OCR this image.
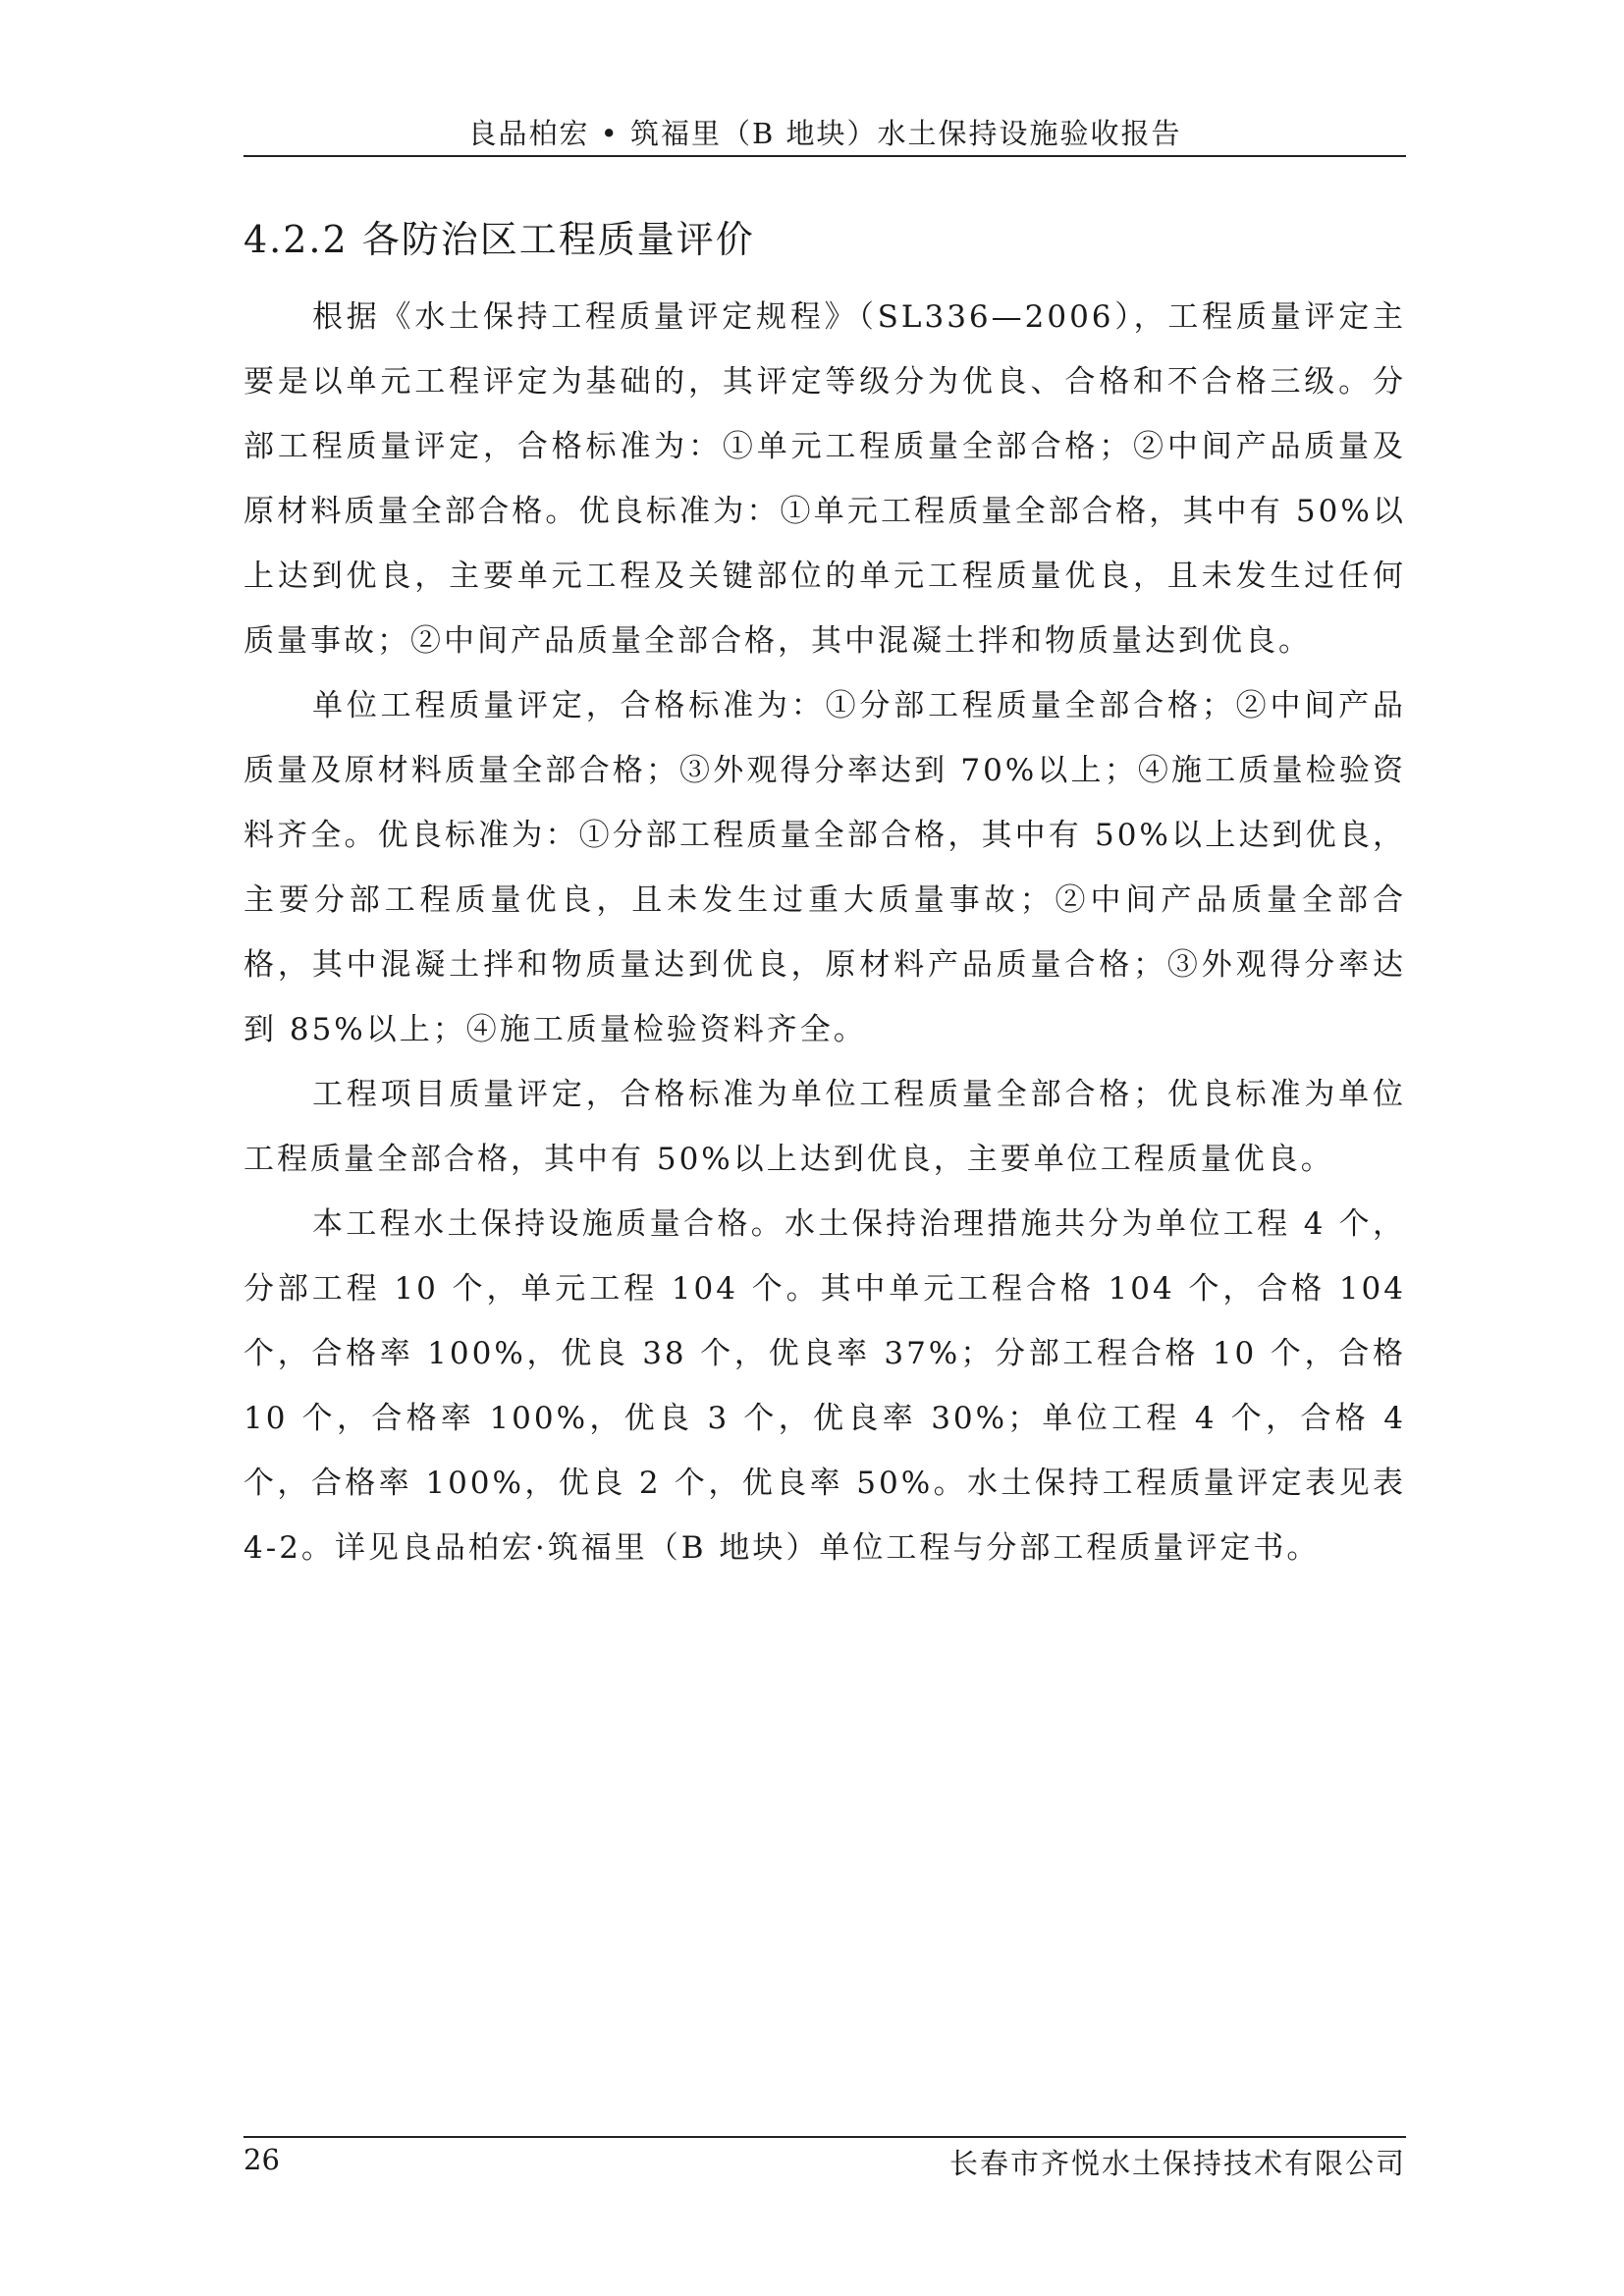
良品柏宏 • 筑福里（B 地块）水土保持设施验收报告
4.2.2 各防治区工程质量评价

根据《水土保持工程质量评定规程》（SL336—2006），工程质量评定主要是以单元工程评定为基础的，其评定等级分为优良、合格和不合格三级。分部工程质量评定，合格标准为：①单元工程质量全部合格；②中间产品质量及原材料质量全部合格。优良标准为：①单元工程质量全部合格，其中有 50%以上达到优良，主要单元工程及关键部位的单元工程质量优良，且未发生过任何质量事故；②中间产品质量全部合格，其中混凝土拌和物质量达到优良。

单位工程质量评定，合格标准为：①分部工程质量全部合格；②中间产品质量及原材料质量全部合格；③外观得分率达到 70%以上；④施工质量检验资料齐全。优良标准为：①分部工程质量全部合格，其中有 50%以上达到优良，主要分部工程质量优良，且未发生过重大质量事故；②中间产品质量全部合格，其中混凝土拌和物质量达到优良，原材料产品质量合格；③外观得分率达到 85%以上；④施工质量检验资料齐全。

工程项目质量评定，合格标准为单位工程质量全部合格；优良标准为单位工程质量全部合格，其中有 50%以上达到优良，主要单位工程质量优良。

本工程水土保持设施质量合格。水土保持治理措施共分为单位工程 4 个，分部工程 10 个，单元工程 104 个。其中单元工程合格 104 个，合格 104 个，合格率 100%，优良 38 个，优良率 37%；分部工程合格 10 个，合格 10 个，合格率 100%，优良 3 个，优良率 30%；单位工程 4 个，合格 4 个，合格率 100%，优良 2 个，优良率 50%。水土保持工程质量评定表见表 4-2。详见良品柏宏·筑福里（B 地块）单位工程与分部工程质量评定书。

26	长春市齐悦水土保持技术有限公司
